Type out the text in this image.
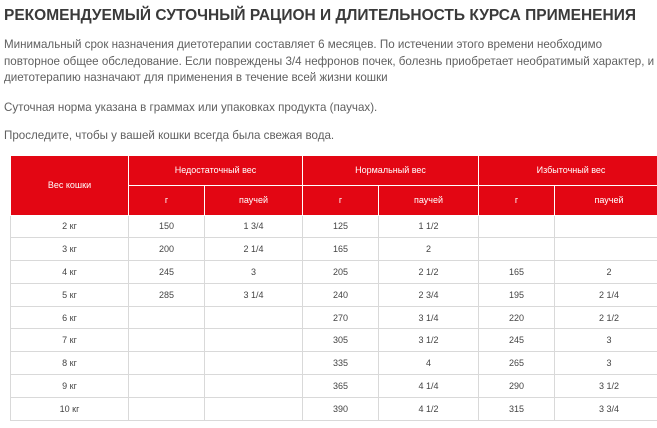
РЕКОМЕНДУЕМЫЙ СУТОЧНЫЙ РАЦИОН И ДЛИТЕЛЬНОСТЬ КУРСА ПРИМЕНЕНИЯ

Минимальный срок назначения диетотерапии составляет 6 месяцев. По истечении этого времени необходимо повторное общее обследование. Если повреждены 3/4 нефронов почек, болезнь приобретает необратимый характер, и диетотерапию назначают для применения в течение всей жизни кошки

Суточная норма указана в граммах или упаковках продукта (паучах).

Проследите, чтобы у вашей кошки всегда была свежая вода.

Вес кошки	Недостаточный вес		Нормальный вес		Избыточный вес	
	г	паучей	г	паучей	г	паучей
2 кг	150	1 3/4	125	1 1/2		
3 кг	200	2 1/4	165	2		
4 кг	245	3	205	2 1/2	165	2
5 кг	285	3 1/4	240	2 3/4	195	2 1/4
6 кг			270	3 1/4	220	2 1/2
7 кг			305	3 1/2	245	3
8 кг			335	4	265	3
9 кг			365	4 1/4	290	3 1/2
10 кг			390	4 1/2	315	3 3/4
